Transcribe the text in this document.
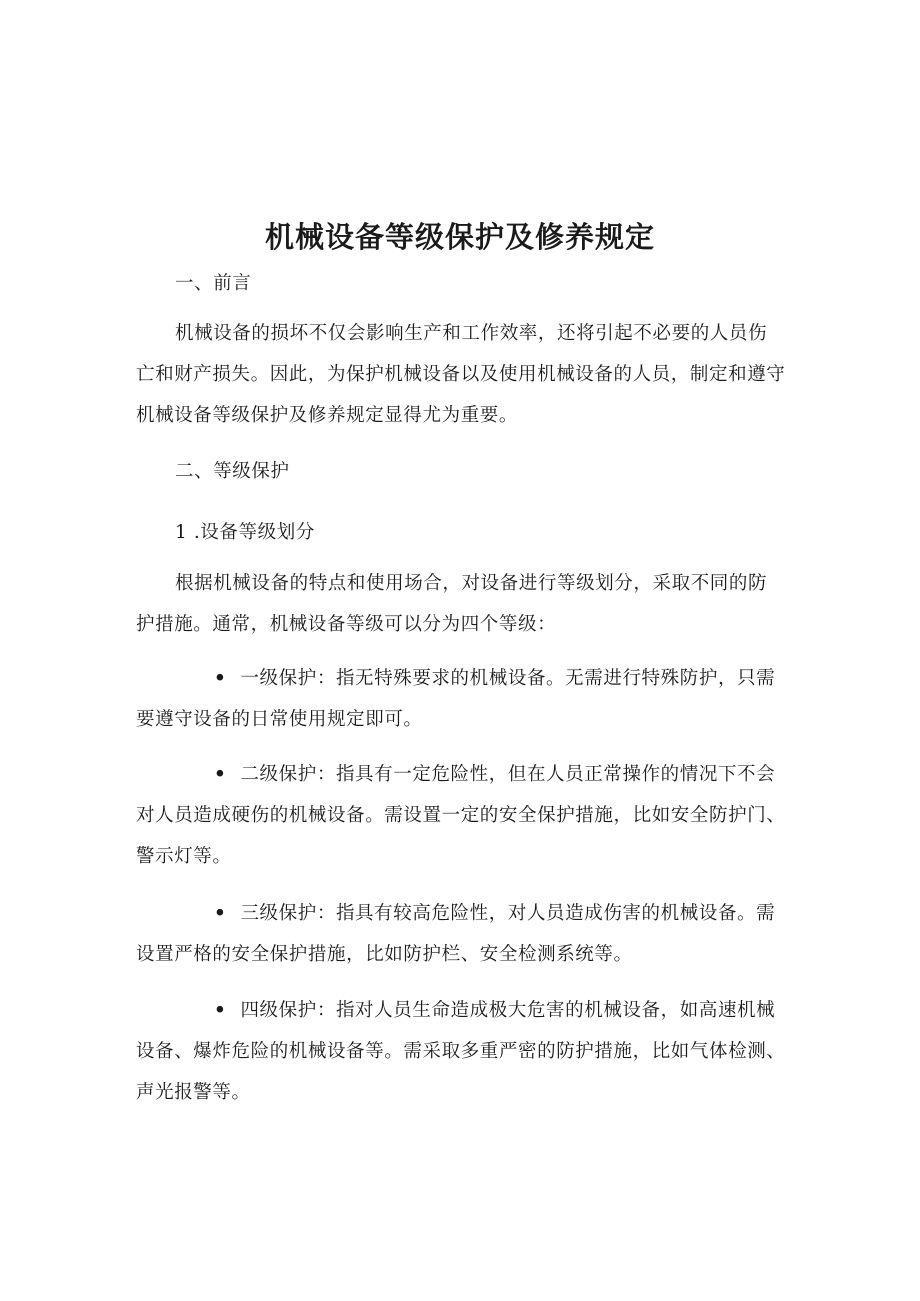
机械设备等级保护及修养规定

一、前言

机械设备的损坏不仅会影响生产和工作效率，还将引起不必要的人员伤亡和财产损失。因此，为保护机械设备以及使用机械设备的人员，制定和遵守机械设备等级保护及修养规定显得尤为重要。

二、等级保护

1 .设备等级划分

根据机械设备的特点和使用场合，对设备进行等级划分，采取不同的防护措施。通常，机械设备等级可以分为四个等级：

• 一级保护：指无特殊要求的机械设备。无需进行特殊防护，只需要遵守设备的日常使用规定即可。

• 二级保护：指具有一定危险性，但在人员正常操作的情况下不会对人员造成硬伤的机械设备。需设置一定的安全保护措施，比如安全防护门、警示灯等。

• 三级保护：指具有较高危险性，对人员造成伤害的机械设备。需设置严格的安全保护措施，比如防护栏、安全检测系统等。

• 四级保护：指对人员生命造成极大危害的机械设备，如高速机械设备、爆炸危险的机械设备等。需采取多重严密的防护措施，比如气体检测、声光报警等。
